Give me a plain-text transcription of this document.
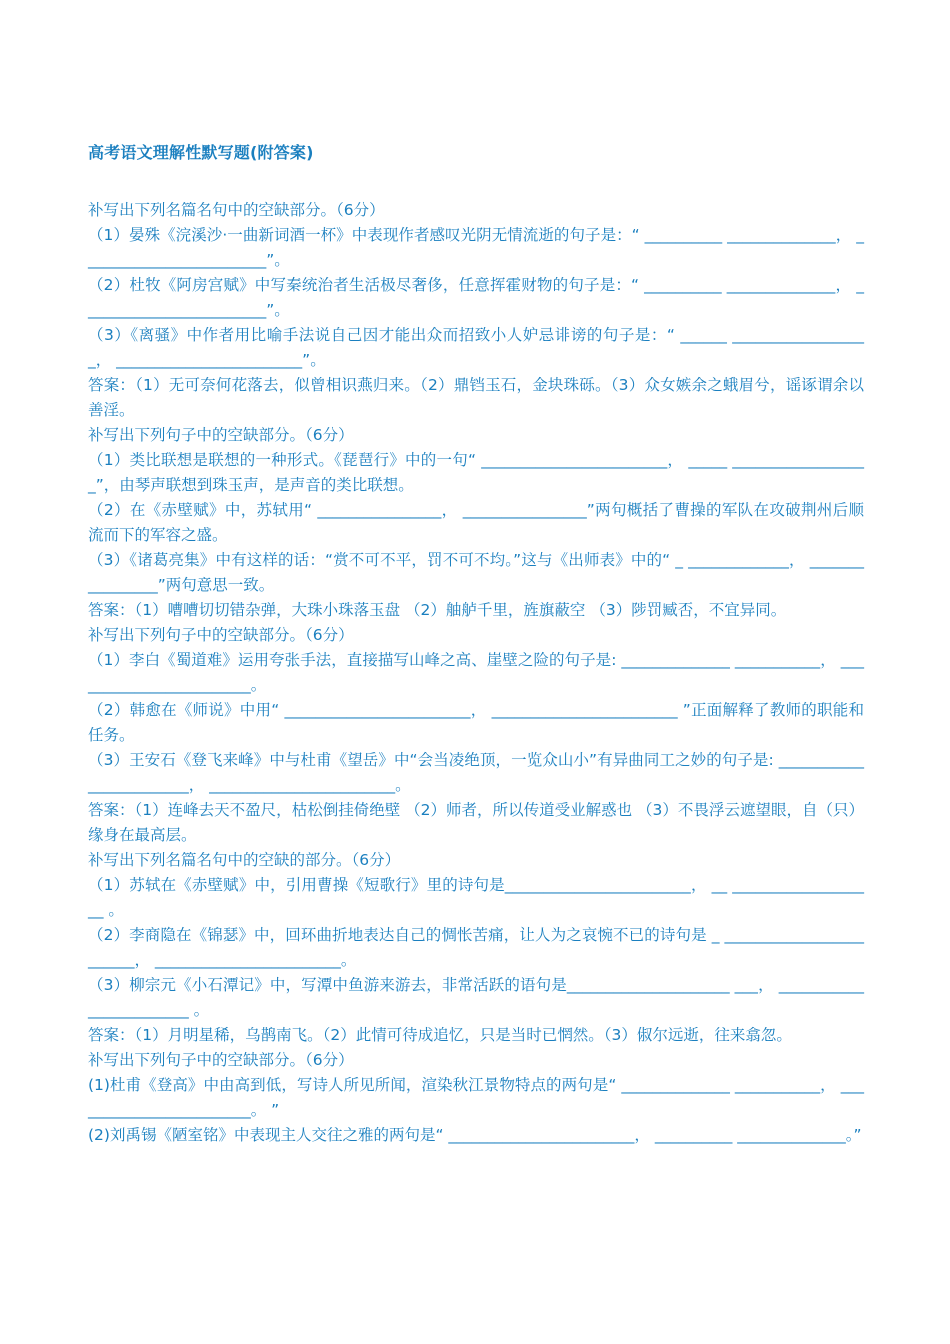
高考语文理解性默写题(附答案)

补写出下列名篇名句中的空缺部分。（6分）

（1）晏殊《浣溪沙·一曲新词酒一杯》中表现作者感叹光阴无情流逝的句子是：“ __________ ______________， ________________________”。

（2）杜牧《阿房宫赋》中写秦统治者生活极尽奢侈，任意挥霍财物的句子是：“ __________ ______________， ________________________”。

（3）《离骚》中作者用比喻手法说自己因才能出众而招致小人妒忌诽谤的句子是：“ ______ __________________， ________________________”。

答案：（1）无可奈何花落去，似曾相识燕归来。（2）鼎铛玉石，金块珠砾。（3）众女嫉余之蛾眉兮，谣诼谓余以善淫。

补写出下列句子中的空缺部分。（6分）

（1）类比联想是联想的一种形式。《琵琶行》中的一句“ ________________________， _____ __________________”，由琴声联想到珠玉声，是声音的类比联想。

（2）在《赤壁赋》中，苏轼用“ ________________， ________________”两句概括了曹操的军队在攻破荆州后顺流而下的军容之盛。

（3）《诸葛亮集》中有这样的话：“赏不可不平，罚不可不均。”这与《出师表》中的“ _ _____________， ________________”两句意思一致。

答案：（1）嘈嘈切切错杂弹，大珠小珠落玉盘 （2）舳舻千里，旌旗蔽空 （3）陟罚臧否，不宜异同。

补写出下列句子中的空缺部分。（6分）

（1）李白《蜀道难》运用夸张手法，直接描写山峰之高、崖壁之险的句子是: ______________ ___________， ________________________。

（2）韩愈在《师说》中用“ ________________________， ________________________ ”正面解释了教师的职能和任务。

（3）王安石《登飞来峰》中与杜甫《望岳》中“会当凌绝顶，一览众山小”有异曲同工之妙的句子是: ________________________， ________________________。

答案：（1）连峰去天不盈尺，枯松倒挂倚绝壁 （2）师者，所以传道受业解惑也 （3）不畏浮云遮望眼，自（只）缘身在最高层。

补写出下列名篇名句中的空缺的部分。（6分）

（1）苏轼在《赤壁赋》中，引用曹操《短歌行》里的诗句是________________________， __ ___________________ 。

（2）李商隐在《锦瑟》中，回环曲折地表达自己的惆怅苦痛，让人为之哀惋不已的诗句是 _ ________________________， ________________________。

（3）柳宗元《小石潭记》中，写潭中鱼游来游去，非常活跃的语句是_____________________ ___， ________________________ 。

答案：（1）月明星稀，乌鹊南飞。（2）此情可待成追忆，只是当时已惘然。（3）俶尔远逝，往来翕忽。

补写出下列句子中的空缺部分。（6分）

(1)杜甫《登高》中由高到低，写诗人所见所闻，渲染秋江景物特点的两句是“ ______________ ___________， ________________________。 ”

(2)刘禹锡《陋室铭》中表现主人交往之雅的两句是“ ________________________， __________ ______________。”
